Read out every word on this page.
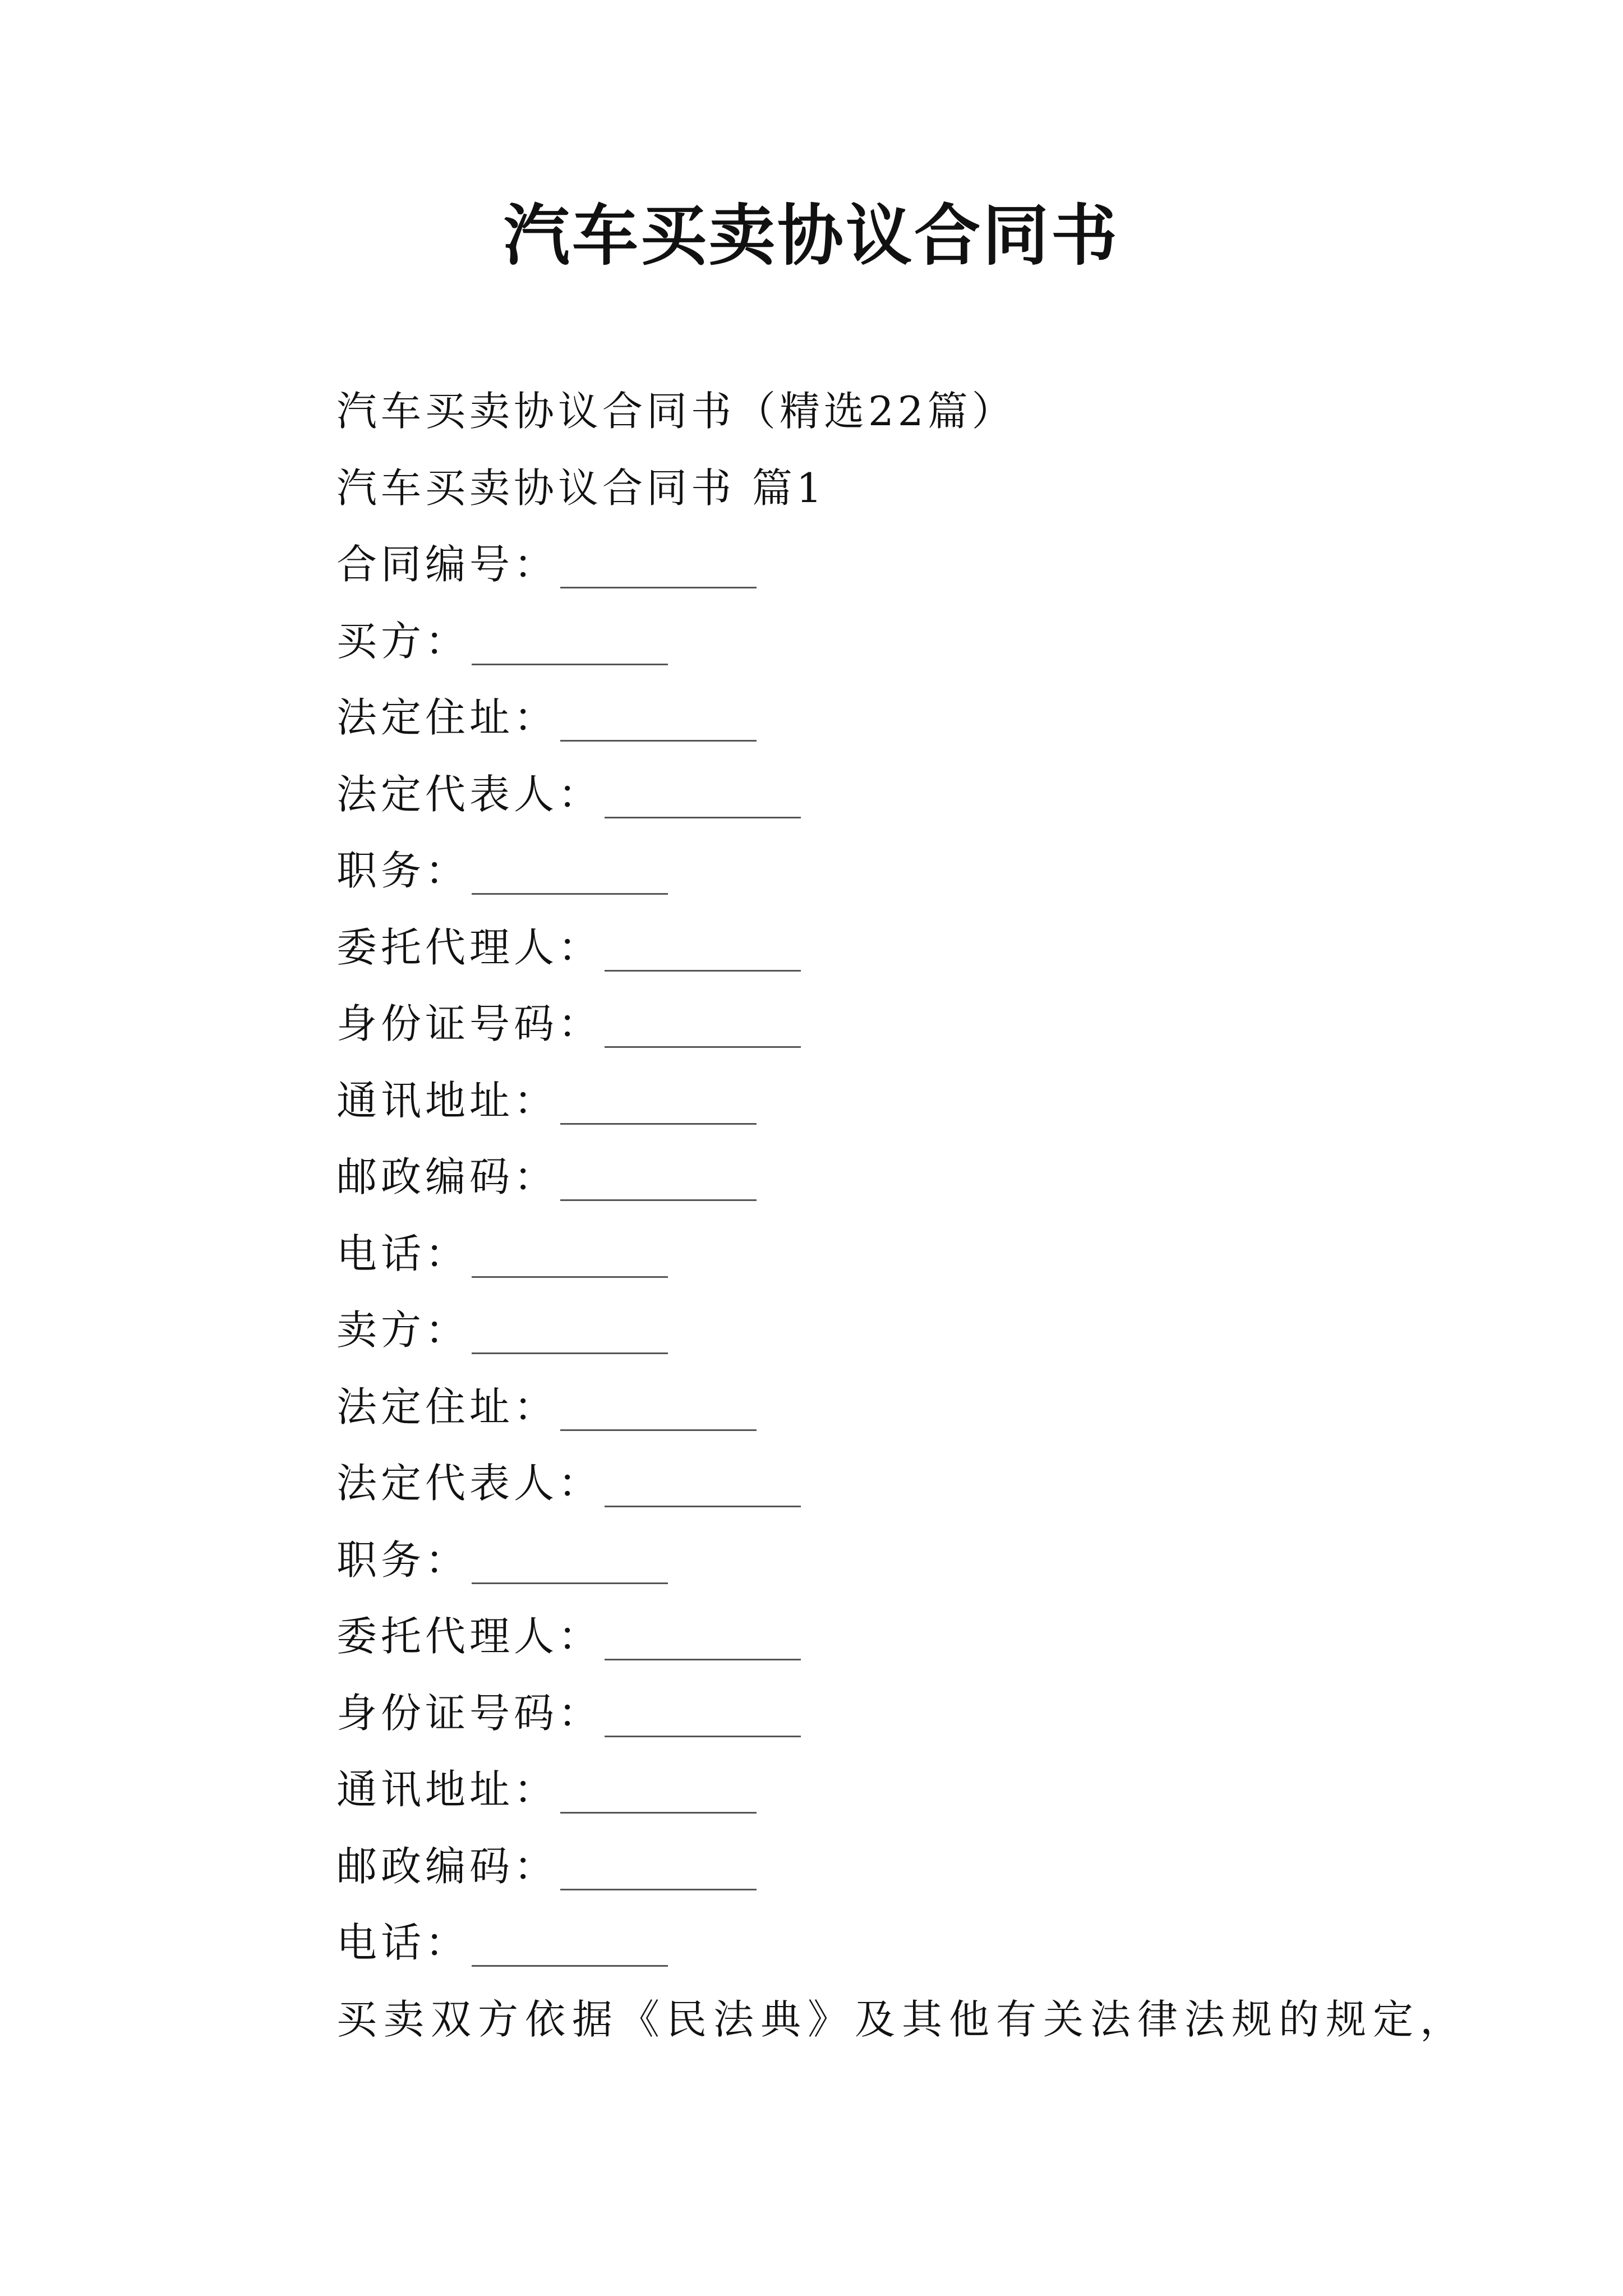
汽车买卖协议合同书
汽车买卖协议合同书（精选22篇）
汽车买卖协议合同书 篇1
合同编号：
买方：
法定住址：
法定代表人：
职务：
委托代理人：
身份证号码：
通讯地址：
邮政编码：
电话：
卖方：
法定住址：
法定代表人：
职务：
委托代理人：
身份证号码：
通讯地址：
邮政编码：
电话：
买卖双方依据《民法典》及其他有关法律法规的规定，
